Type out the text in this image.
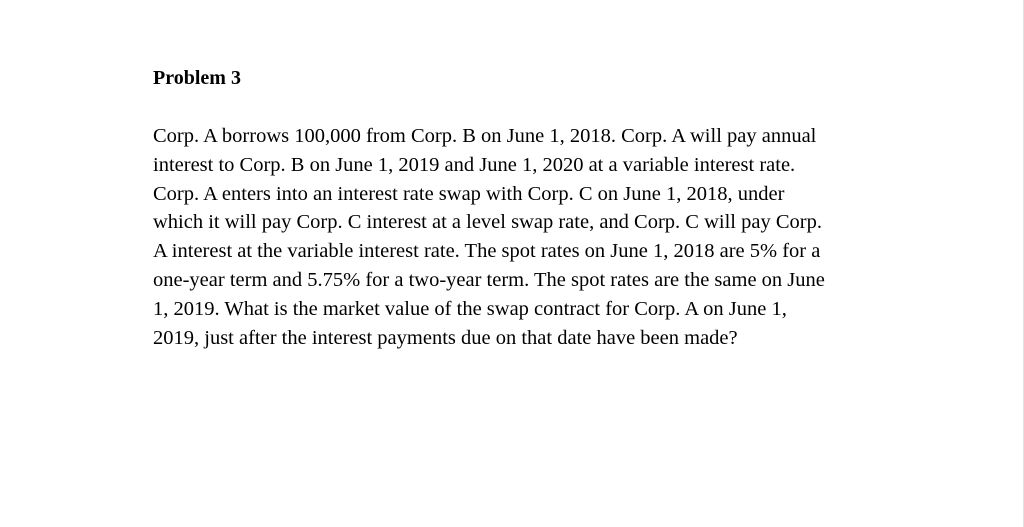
Problem 3

Corp. A borrows 100,000 from Corp. B on June 1, 2018. Corp. A will pay annual
interest to Corp. B on June 1, 2019 and June 1, 2020 at a variable interest rate.
Corp. A enters into an interest rate swap with Corp. C on June 1, 2018, under
which it will pay Corp. C interest at a level swap rate, and Corp. C will pay Corp.
A interest at the variable interest rate. The spot rates on June 1, 2018 are 5% for a
one-year term and 5.75% for a two-year term. The spot rates are the same on June
1, 2019. What is the market value of the swap contract for Corp. A on June 1,
2019, just after the interest payments due on that date have been made?
